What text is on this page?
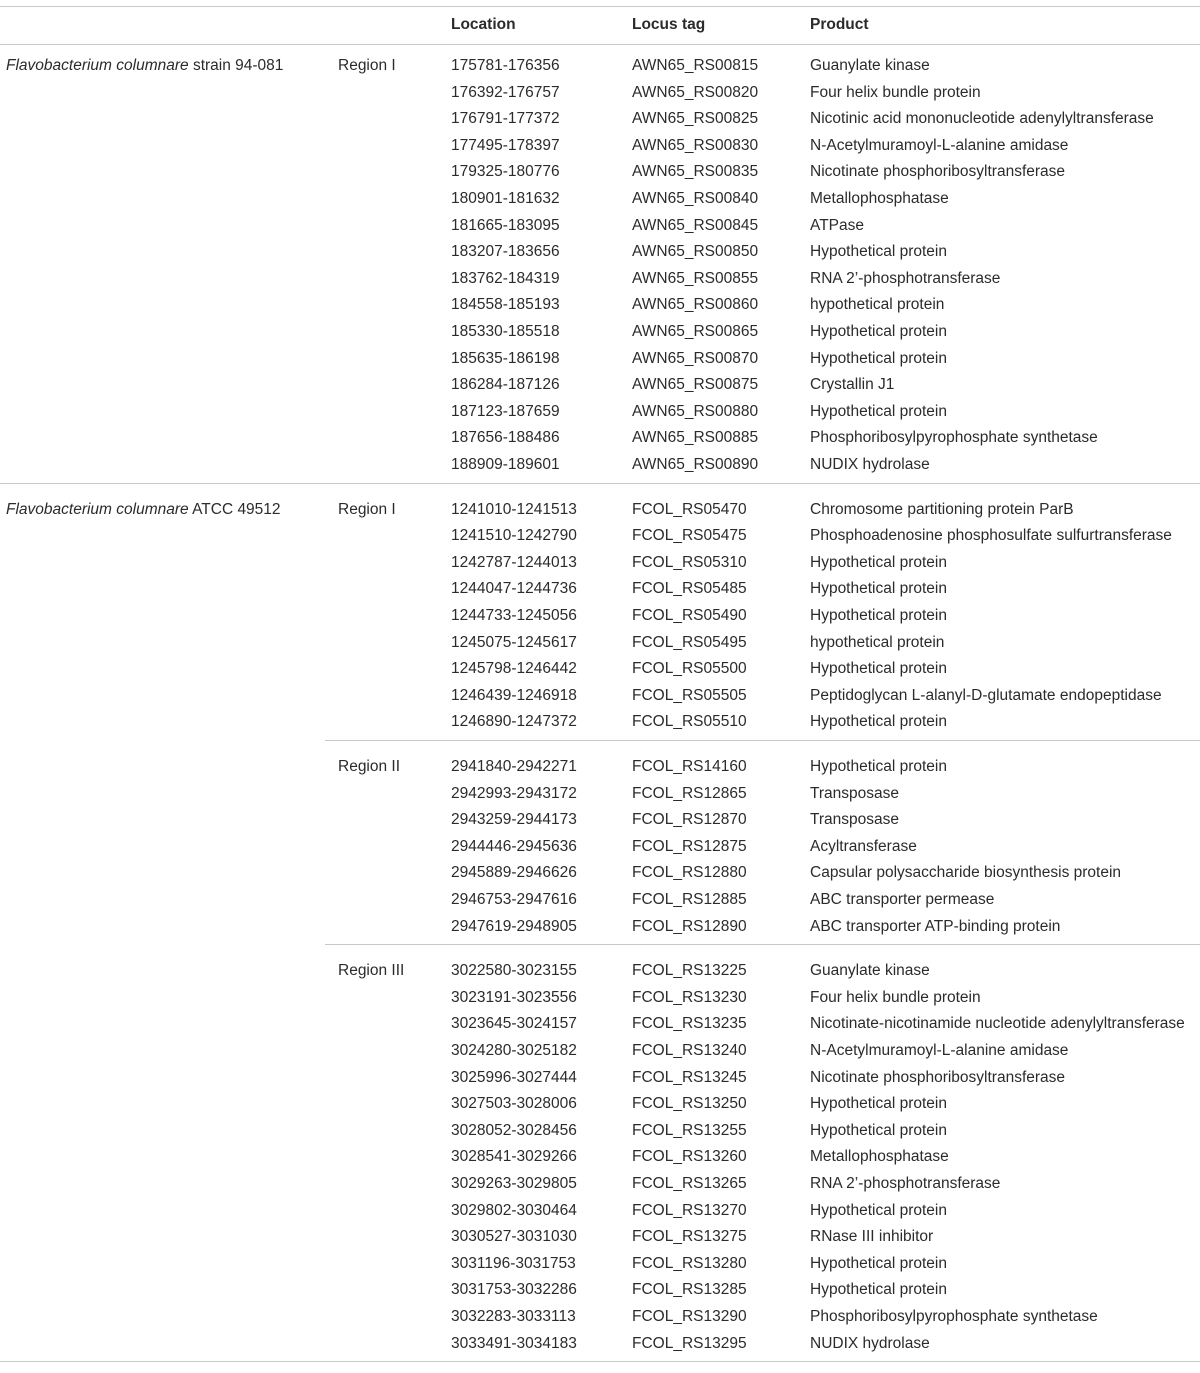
Location	Locus tag	Product
Flavobacterium columnare strain 94-081	Region I	175781-176356	AWN65_RS00815	Guanylate kinase
176392-176757	AWN65_RS00820	Four helix bundle protein
176791-177372	AWN65_RS00825	Nicotinic acid mononucleotide adenylyltransferase
177495-178397	AWN65_RS00830	N-Acetylmuramoyl-L-alanine amidase
179325-180776	AWN65_RS00835	Nicotinate phosphoribosyltransferase
180901-181632	AWN65_RS00840	Metallophosphatase
181665-183095	AWN65_RS00845	ATPase
183207-183656	AWN65_RS00850	Hypothetical protein
183762-184319	AWN65_RS00855	RNA 2’-phosphotransferase
184558-185193	AWN65_RS00860	hypothetical protein
185330-185518	AWN65_RS00865	Hypothetical protein
185635-186198	AWN65_RS00870	Hypothetical protein
186284-187126	AWN65_RS00875	Crystallin J1
187123-187659	AWN65_RS00880	Hypothetical protein
187656-188486	AWN65_RS00885	Phosphoribosylpyrophosphate synthetase
188909-189601	AWN65_RS00890	NUDIX hydrolase
Flavobacterium columnare ATCC 49512	Region I	1241010-1241513	FCOL_RS05470	Chromosome partitioning protein ParB
1241510-1242790	FCOL_RS05475	Phosphoadenosine phosphosulfate sulfurtransferase
1242787-1244013	FCOL_RS05310	Hypothetical protein
1244047-1244736	FCOL_RS05485	Hypothetical protein
1244733-1245056	FCOL_RS05490	Hypothetical protein
1245075-1245617	FCOL_RS05495	hypothetical protein
1245798-1246442	FCOL_RS05500	Hypothetical protein
1246439-1246918	FCOL_RS05505	Peptidoglycan L-alanyl-D-glutamate endopeptidase
1246890-1247372	FCOL_RS05510	Hypothetical protein
Region II	2941840-2942271	FCOL_RS14160	Hypothetical protein
2942993-2943172	FCOL_RS12865	Transposase
2943259-2944173	FCOL_RS12870	Transposase
2944446-2945636	FCOL_RS12875	Acyltransferase
2945889-2946626	FCOL_RS12880	Capsular polysaccharide biosynthesis protein
2946753-2947616	FCOL_RS12885	ABC transporter permease
2947619-2948905	FCOL_RS12890	ABC transporter ATP-binding protein
Region III	3022580-3023155	FCOL_RS13225	Guanylate kinase
3023191-3023556	FCOL_RS13230	Four helix bundle protein
3023645-3024157	FCOL_RS13235	Nicotinate-nicotinamide nucleotide adenylyltransferase
3024280-3025182	FCOL_RS13240	N-Acetylmuramoyl-L-alanine amidase
3025996-3027444	FCOL_RS13245	Nicotinate phosphoribosyltransferase
3027503-3028006	FCOL_RS13250	Hypothetical protein
3028052-3028456	FCOL_RS13255	Hypothetical protein
3028541-3029266	FCOL_RS13260	Metallophosphatase
3029263-3029805	FCOL_RS13265	RNA 2’-phosphotransferase
3029802-3030464	FCOL_RS13270	Hypothetical protein
3030527-3031030	FCOL_RS13275	RNase III inhibitor
3031196-3031753	FCOL_RS13280	Hypothetical protein
3031753-3032286	FCOL_RS13285	Hypothetical protein
3032283-3033113	FCOL_RS13290	Phosphoribosylpyrophosphate synthetase
3033491-3034183	FCOL_RS13295	NUDIX hydrolase
